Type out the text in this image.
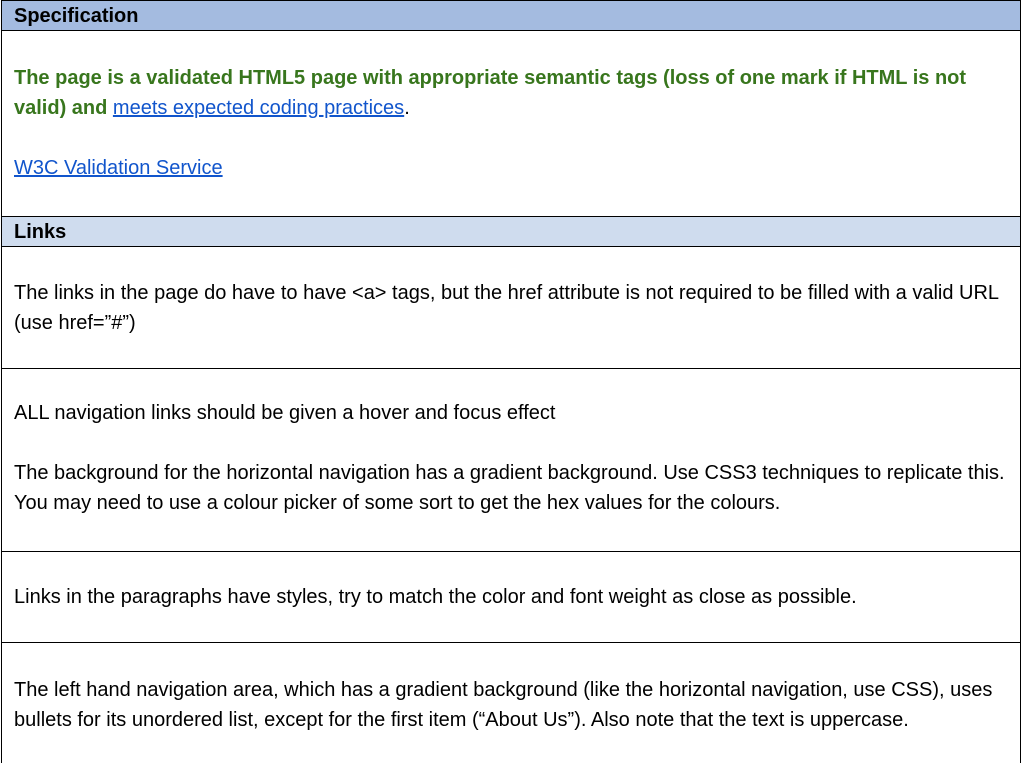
Specification

The page is a validated HTML5 page with appropriate semantic tags (loss of one mark if HTML is not valid) and meets expected coding practices.

W3C Validation Service

Links

The links in the page do have to have <a> tags, but the href attribute is not required to be filled with a valid URL (use href=”#”)

ALL navigation links should be given a hover and focus effect

The background for the horizontal navigation has a gradient background. Use CSS3 techniques to replicate this. You may need to use a colour picker of some sort to get the hex values for the colours.

Links in the paragraphs have styles, try to match the color and font weight as close as possible.

The left hand navigation area, which has a gradient background (like the horizontal navigation, use CSS), uses bullets for its unordered list, except for the first item (“About Us”). Also note that the text is uppercase.
